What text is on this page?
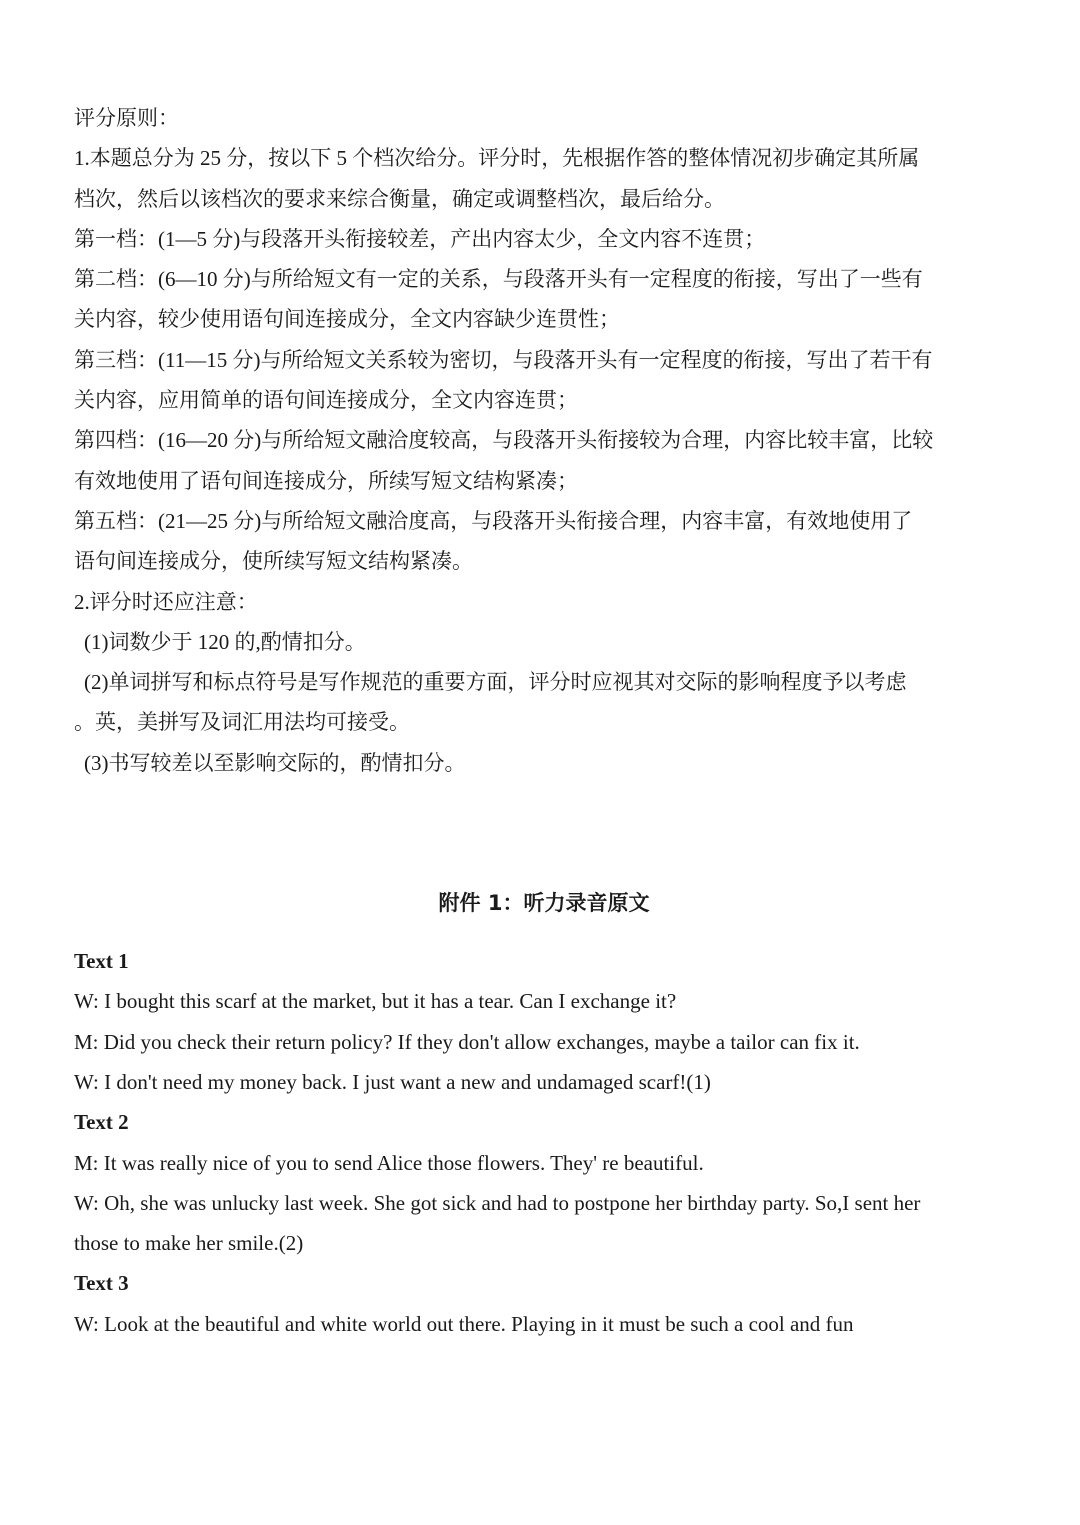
评分原则：
1.本题总分为 25 分，按以下 5 个档次给分。评分时，先根据作答的整体情况初步确定其所属
档次，然后以该档次的要求来综合衡量，确定或调整档次，最后给分。
第一档：(1—5 分)与段落开头衔接较差，产出内容太少，全文内容不连贯；
第二档：(6—10 分)与所给短文有一定的关系，与段落开头有一定程度的衔接，写出了一些有
关内容，较少使用语句间连接成分，全文内容缺少连贯性；
第三档：(11—15 分)与所给短文关系较为密切，与段落开头有一定程度的衔接，写出了若干有
关内容，应用简单的语句间连接成分，全文内容连贯；
第四档：(16—20 分)与所给短文融洽度较高，与段落开头衔接较为合理，内容比较丰富，比较
有效地使用了语句间连接成分，所续写短文结构紧凑；
第五档：(21—25 分)与所给短文融洽度高，与段落开头衔接合理，内容丰富，有效地使用了
语句间连接成分，使所续写短文结构紧凑。
2.评分时还应注意：
(1)词数少于 120 的,酌情扣分。
(2)单词拼写和标点符号是写作规范的重要方面，评分时应视其对交际的影响程度予以考虑
。英，美拼写及词汇用法均可接受。
(3)书写较差以至影响交际的，酌情扣分。
附件 1：听力录音原文
Text 1
W: I bought this scarf at the market, but it has a tear. Can I exchange it?
M: Did you check their return policy? If they don't allow exchanges, maybe a tailor can fix it.
W: I don't need my money back. I just want a new and undamaged scarf!(1)
Text 2
M: It was really nice of you to send Alice those flowers. They' re beautiful.
W: Oh, she was unlucky last week. She got sick and had to postpone her birthday party. So,I sent her
those to make her smile.(2)
Text 3
W: Look at the beautiful and white world out there. Playing in it must be such a cool and fun
